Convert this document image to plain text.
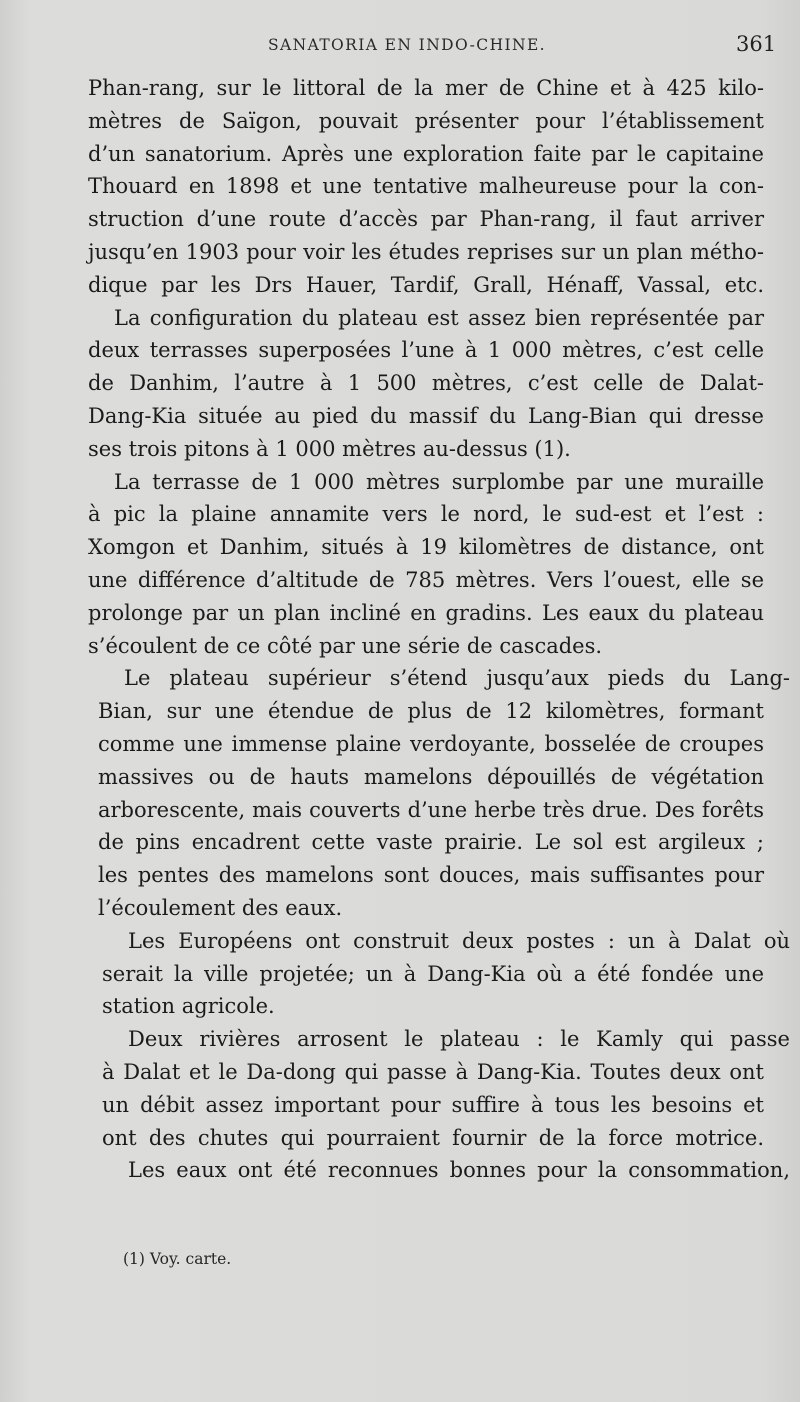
SANATORIA EN INDO-CHINE.	361
Phan-rang, sur le littoral de la mer de Chine et à 425 kilo-
mètres de Saïgon, pouvait présenter pour l’établissement
d’un sanatorium. Après une exploration faite par le capitaine
Thouard en 1898 et une tentative malheureuse pour la con-
struction d’une route d’accès par Phan-rang, il faut arriver
jusqu’en 1903 pour voir les études reprises sur un plan métho-
dique par les Drs Hauer, Tardif, Grall, Hénaff, Vassal, etc.
La configuration du plateau est assez bien représentée par
deux terrasses superposées l’une à 1 000 mètres, c’est celle
de Danhim, l’autre à 1 500 mètres, c’est celle de Dalat-
Dang-Kia située au pied du massif du Lang-Bian qui dresse
ses trois pitons à 1 000 mètres au-dessus (1).
La terrasse de 1 000 mètres surplombe par une muraille
à pic la plaine annamite vers le nord, le sud-est et l’est :
Xomgon et Danhim, situés à 19 kilomètres de distance, ont
une différence d’altitude de 785 mètres. Vers l’ouest, elle se
prolonge par un plan incliné en gradins. Les eaux du plateau
s’écoulent de ce côté par une série de cascades.
Le plateau supérieur s’étend jusqu’aux pieds du Lang-
Bian, sur une étendue de plus de 12 kilomètres, formant
comme une immense plaine verdoyante, bosselée de croupes
massives ou de hauts mamelons dépouillés de végétation
arborescente, mais couverts d’une herbe très drue. Des forêts
de pins encadrent cette vaste prairie. Le sol est argileux ;
les pentes des mamelons sont douces, mais suffisantes pour
l’écoulement des eaux.
Les Européens ont construit deux postes : un à Dalat où
serait la ville projetée; un à Dang-Kia où a été fondée une
station agricole.
Deux rivières arrosent le plateau : le Kamly qui passe
à Dalat et le Da-dong qui passe à Dang-Kia. Toutes deux ont
un débit assez important pour suffire à tous les besoins et
ont des chutes qui pourraient fournir de la force motrice.
Les eaux ont été reconnues bonnes pour la consommation,
(1) Voy. carte.
